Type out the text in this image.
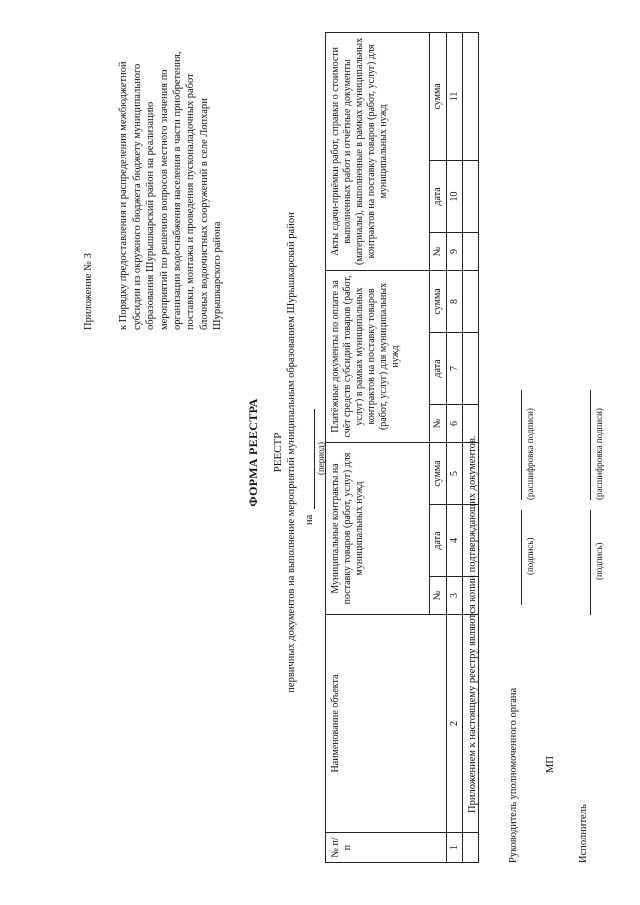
Приложение № 3 к Порядку предоставления и распределения межбюджетной субсидии из окружного бюджета бюджету муниципального образования Шурышкарский район на реализацию мероприятий по решению вопросов местного значения по организации водоснабжения населения в части приобретения, поставки, монтажа и проведения пусконаладочных работ блочных водоочистных сооружений в селе Лопхари Шурышкарского района
ФОРМА РЕЕСТРА РЕЕСТР первичных документов на выполнение мероприятий муниципальным образованием Шурышкарский район на
(период)
№ п/п	Наименование объекта	Муниципальные контракты на поставку товаров (работ, услуг) для муниципальных нужд			Платёжные документы по оплате за счёт средств субсидий товаров (работ, услуг) в рамках муниципальных контрактов на поставку товаров (работ, услуг) для муниципальных нужд			Акты сдачи-приёмки работ, справки о стоимости выполненных работ и отчётные документы (материалы), выполненные в рамках муниципальных контрактов на поставку товаров (работ, услуг) для муниципальных нужд		
		№	дата	сумма	№	дата	сумма	№	дата	сумма
1	2	3	4	5	6	7	8	9	10	11

Приложением к настоящему реестру являются копии подтверждающих документов.	Руководитель уполномоченного органа
(подпись)
(расшифровка подписи)
МП
Исполнитель
(подпись)
(расшифровка подписи)
